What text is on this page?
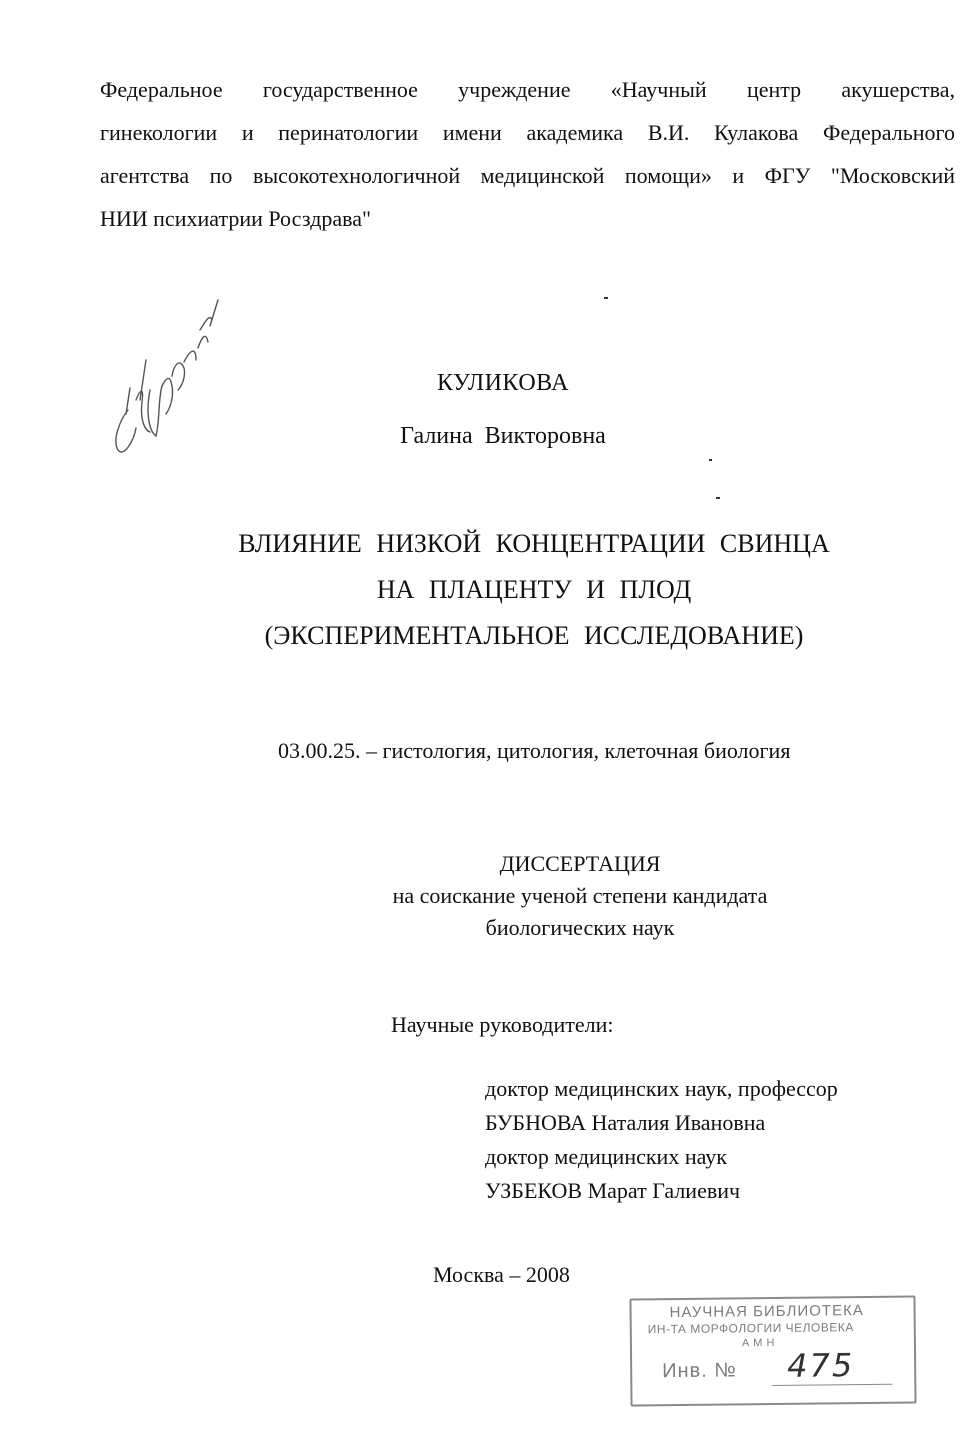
Федеральное государственное учреждение «Научный центр акушерства,
гинекологии и перинатологии имени академика В.И. Кулакова Федерального
агентства по высокотехнологичной медицинской помощи» и ФГУ "Московский
НИИ психиатрии Росздрава"
КУЛИКОВА
Галина Викторовна
ВЛИЯНИЕ НИЗКОЙ КОНЦЕНТРАЦИИ СВИНЦА
НА ПЛАЦЕНТУ И ПЛОД
(ЭКСПЕРИМЕНТАЛЬНОЕ ИССЛЕДОВАНИЕ)
03.00.25. – гистология, цитология, клеточная биология
ДИССЕРТАЦИЯ
на соискание ученой степени кандидата
биологических наук
Научные руководители:
доктор медицинских наук, профессор
БУБНОВА Наталия Ивановна
доктор медицинских наук
УЗБЕКОВ Марат Галиевич
Москва – 2008
НАУЧНАЯ БИБЛИОТЕКА
ИН-ТА МОРФОЛОГИИ ЧЕЛОВЕКА
АМН
Инв. № 475
